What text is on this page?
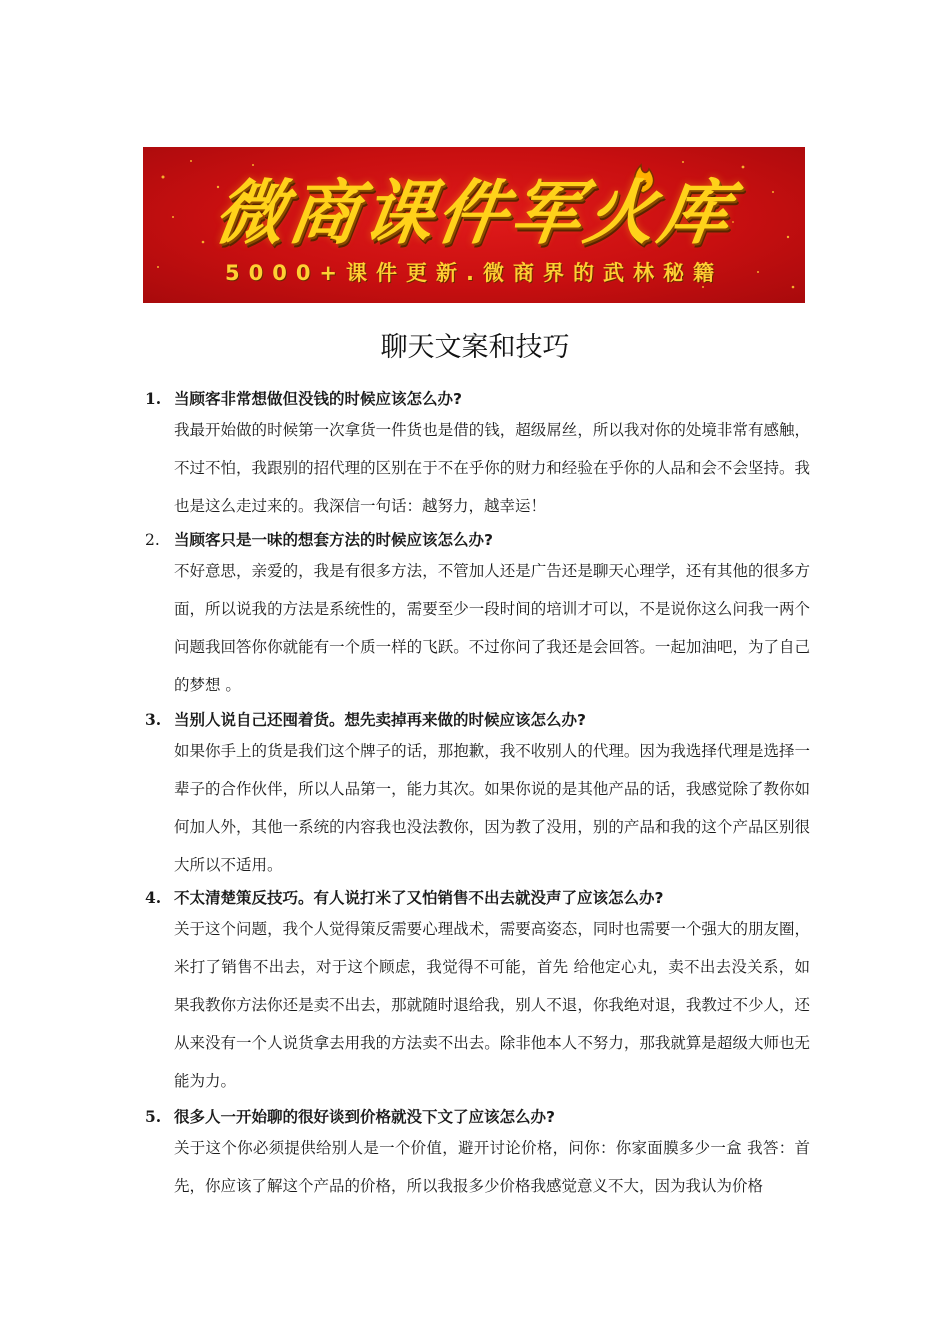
微商课件军火库
5000+课件更新.微商界的武林秘籍
聊天文案和技巧

1. 当顾客非常想做但没钱的时候应该怎么办?

我最开始做的时候第一次拿货一件货也是借的钱，超级屌丝，所以我对你的处境非常有感触，不过不怕，我跟别的招代理的区别在于不在乎你的财力和经验在乎你的人品和会不会坚持。我也是这么走过来的。我深信一句话：越努力，越幸运！

2. 当顾客只是一味的想套方法的时候应该怎么办?

不好意思，亲爱的，我是有很多方法，不管加人还是广告还是聊天心理学，还有其他的很多方面，所以说我的方法是系统性的，需要至少一段时间的培训才可以，不是说你这么问我一两个问题我回答你你就能有一个质一样的飞跃。不过你问了我还是会回答。一起加油吧，为了自己的梦想 。

3. 当别人说自己还囤着货。想先卖掉再来做的时候应该怎么办?

如果你手上的货是我们这个牌子的话，那抱歉，我不收别人的代理。因为我选择代理是选择一辈子的合作伙伴，所以人品第一，能力其次。如果你说的是其他产品的话，我感觉除了教你如何加人外，其他一系统的内容我也没法教你，因为教了没用，别的产品和我的这个产品区别很大所以不适用。

4. 不太清楚策反技巧。有人说打米了又怕销售不出去就没声了应该怎么办?

关于这个问题，我个人觉得策反需要心理战术，需要高姿态，同时也需要一个强大的朋友圈，米打了销售不出去，对于这个顾虑，我觉得不可能，首先 给他定心丸，卖不出去没关系，如果我教你方法你还是卖不出去，那就随时退给我，别人不退，你我绝对退，我教过不少人，还从来没有一个人说货拿去用我的方法卖不出去。除非他本人不努力，那我就算是超级大师也无能为力。

5. 很多人一开始聊的很好谈到价格就没下文了应该怎么办?

关于这个你必须提供给别人是一个价值，避开讨论价格，问你：你家面膜多少一盒 我答：首先，你应该了解这个产品的价格，所以我报多少价格我感觉意义不大，因为我认为价格
